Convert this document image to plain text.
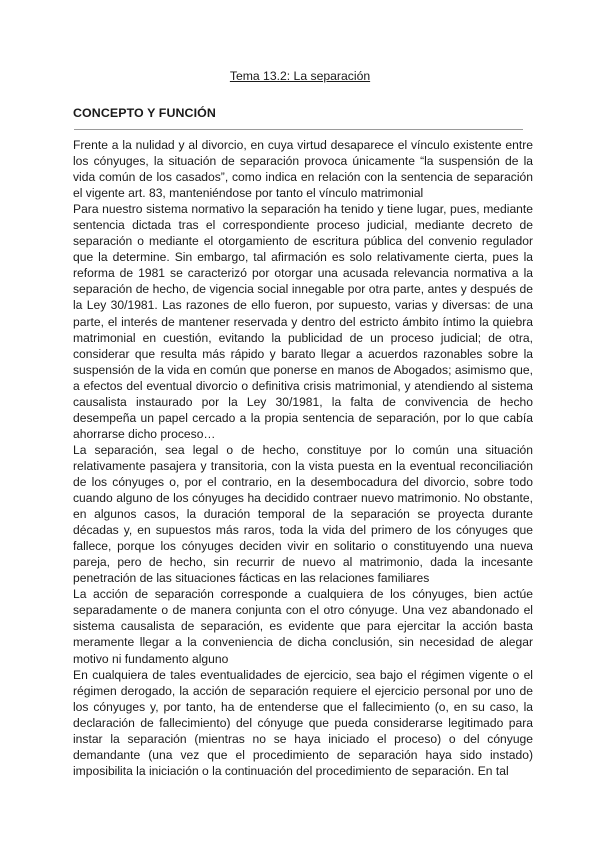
Tema 13.2: La separación
CONCEPTO Y FUNCIÓN

Frente a la nulidad y al divorcio, en cuya virtud desaparece el vínculo existente entre los cónyuges, la situación de separación provoca únicamente “la suspensión de la vida común de los casados”, como indica en relación con la sentencia de separación el vigente art. 83, manteniéndose por tanto el vínculo matrimonial

Para nuestro sistema normativo la separación ha tenido y tiene lugar, pues, mediante sentencia dictada tras el correspondiente proceso judicial, mediante decreto de separación o mediante el otorgamiento de escritura pública del convenio regulador que la determine. Sin embargo, tal afirmación es solo relativamente cierta, pues la reforma de 1981 se caracterizó por otorgar una acusada relevancia normativa a la separación de hecho, de vigencia social innegable por otra parte, antes y después de la Ley 30/1981. Las razones de ello fueron, por supuesto, varias y diversas: de una parte, el interés de mantener reservada y dentro del estricto ámbito íntimo la quiebra matrimonial en cuestión, evitando la publicidad de un proceso judicial; de otra, considerar que resulta más rápido y barato llegar a acuerdos razonables sobre la suspensión de la vida en común que ponerse en manos de Abogados; asimismo que, a efectos del eventual divorcio o definitiva crisis matrimonial, y atendiendo al sistema causalista instaurado por la Ley 30/1981, la falta de convivencia de hecho desempeña un papel cercado a la propia sentencia de separación, por lo que cabía ahorrarse dicho proceso…

La separación, sea legal o de hecho, constituye por lo común una situación relativamente pasajera y transitoria, con la vista puesta en la eventual reconciliación de los cónyuges o, por el contrario, en la desembocadura del divorcio, sobre todo cuando alguno de los cónyuges ha decidido contraer nuevo matrimonio. No obstante, en algunos casos, la duración temporal de la separación se proyecta durante décadas y, en supuestos más raros, toda la vida del primero de los cónyuges que fallece, porque los cónyuges deciden vivir en solitario o constituyendo una nueva pareja, pero de hecho, sin recurrir de nuevo al matrimonio, dada la incesante penetración de las situaciones fácticas en las relaciones familiares

La acción de separación corresponde a cualquiera de los cónyuges, bien actúe separadamente o de manera conjunta con el otro cónyuge. Una vez abandonado el sistema causalista de separación, es evidente que para ejercitar la acción basta meramente llegar a la conveniencia de dicha conclusión, sin necesidad de alegar motivo ni fundamento alguno

En cualquiera de tales eventualidades de ejercicio, sea bajo el régimen vigente o el régimen derogado, la acción de separación requiere el ejercicio personal por uno de los cónyuges y, por tanto, ha de entenderse que el fallecimiento (o, en su caso, la declaración de fallecimiento) del cónyuge que pueda considerarse legitimado para instar la separación (mientras no se haya iniciado el proceso) o del cónyuge demandante (una vez que el procedimiento de separación haya sido instado) imposibilita la iniciación o la continuación del procedimiento de separación. En tal
